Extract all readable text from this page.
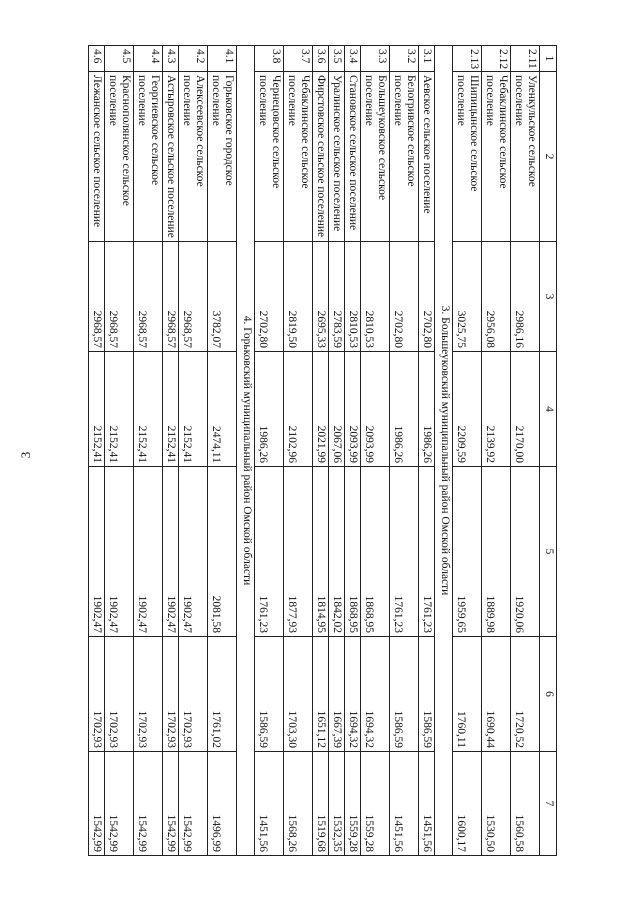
3
1	2	3	4	5	6	7
2.11	Уленкульское сельское поселение	2986,16	2170,00	1920,06	1720,52	1560,58
2.12	Чебаклинское сельское поселение	2956,08	2139,92	1889,98	1690,44	1530,50
2.13	Шипицынское сельское поселение	3025,75	2209,59	1959,65	1760,11	1600,17
3. Большеуковский муниципальный район Омской области						
3.1	Аевское сельское поселение	2702,80	1986,26	1761,23	1586,59	1451,56
3.2	Белогривское сельское поселение	2702,80	1986,26	1761,23	1586,59	1451,56
3.3	Большеуковское сельское поселение	2810,53	2093,99	1868,95	1694,32	1559,28
3.4	Становское сельское поселение	2810,53	2093,99	1868,95	1694,32	1559,28
3.5	Уралинское сельское поселение	2783,59	2067,06	1842,02	1667,39	1532,35
3.6	Фирстовское сельское поселение	2695,33	2021,99	1814,95	1651,12	1519,68
3.7	Чебаклинское сельское поселение	2819,50	2102,96	1877,93	1703,30	1568,26
3.8	Чернецовское сельское поселение	2702,80	1986,26	1761,23	1586,59	1451,56
4. Горьковский муниципальный район Омской области						
4.1	Горьковское городское поселение	3782,07	2474,11	2081,58	1761,02	1496,99
4.2	Алексеевское сельское поселение	2968,57	2152,41	1902,47	1702,93	1542,99
4.3	Астыровское сельское поселение	2968,57	2152,41	1902,47	1702,93	1542,99
4.4	Георгиевское сельское поселение	2968,57	2152,41	1902,47	1702,93	1542,99
4.5	Краснополянское сельское поселение	2968,57	2152,41	1902,47	1702,93	1542,99
4.6	Лежанское сельское поселение	2968,57	2152,41	1902,47	1702,93	1542,99
